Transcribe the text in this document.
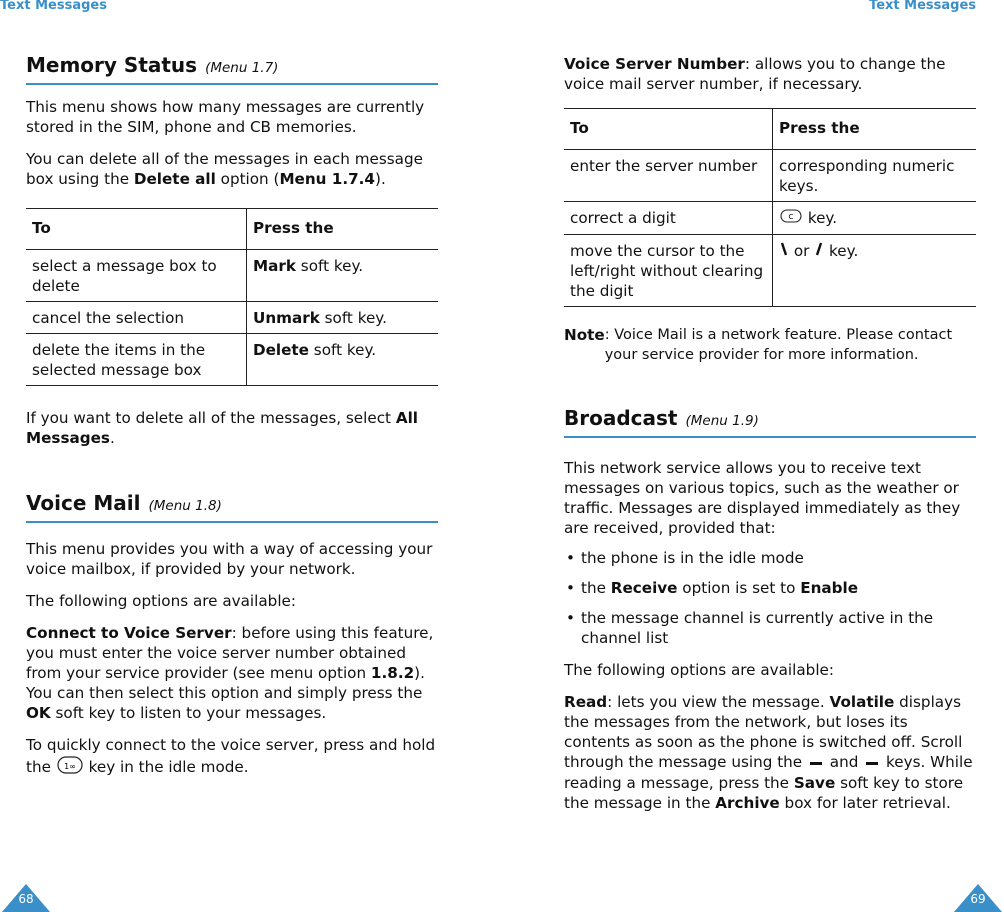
Text Messages	Text Messages
Memory Status (Menu 1.7)

This menu shows how many messages are currently stored in the SIM, phone and CB memories.

You can delete all of the messages in each message box using the Delete all option (Menu 1.7.4).

To	Press the
select a message box to delete	Mark soft key.
cancel the selection	Unmark soft key.
delete the items in the selected message box	Delete soft key.

If you want to delete all of the messages, select All Messages.

Voice Mail (Menu 1.8)

This menu provides you with a way of accessing your voice mailbox, if provided by your network.

The following options are available:

Connect to Voice Server: before using this feature, you must enter the voice server number obtained from your service provider (see menu option 1.8.2). You can then select this option and simply press the OK soft key to listen to your messages.

To quickly connect to the voice server, press and hold the 1∞ key in the idle mode.

Voice Server Number: allows you to change the voice mail server number, if necessary.

To	Press the
enter the server number	corresponding numeric keys.
correct a digit	C key.
move the cursor to the left/right without clearing the digit	or  key.
Note : Voice Mail is a network feature. Please contact your service provider for more information.
Broadcast (Menu 1.9)

This network service allows you to receive text messages on various topics, such as the weather or traffic. Messages are displayed immediately as they are received, provided that:

• the phone is in the idle mode

• the Receive option is set to Enable

• the message channel is currently active in the channel list

The following options are available:

Read: lets you view the message. Volatile displays the messages from the network, but loses its contents as soon as the phone is switched off. Scroll through the message using the  and  keys. While reading a message, press the Save soft key to store the message in the Archive box for later retrieval.

68	69
